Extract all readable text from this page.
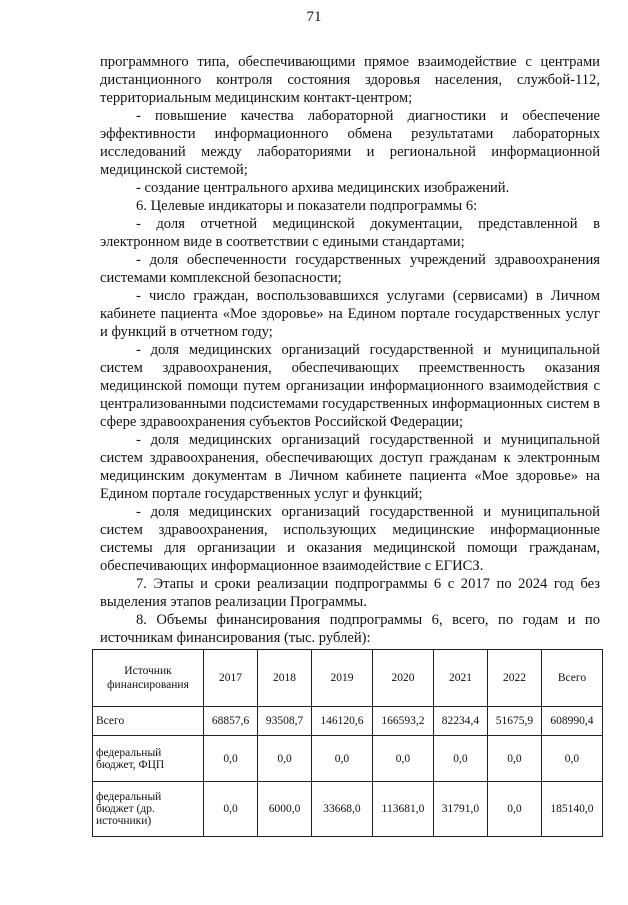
71

программного типа, обеспечивающими прямое взаимодействие с центрами дистанционного контроля состояния здоровья населения, службой-112, территориальным медицинским контакт-центром;

- повышение качества лабораторной диагностики и обеспечение эффективности информационного обмена результатами лабораторных исследований между лабораториями и региональной информационной медицинской системой;

- создание центрального архива медицинских изображений.

6. Целевые индикаторы и показатели подпрограммы 6:

- доля отчетной медицинской документации, представленной в электронном виде в соответствии с едиными стандартами;

- доля обеспеченности государственных учреждений здравоохранения системами комплексной безопасности;

- число граждан, воспользовавшихся услугами (сервисами) в Личном кабинете пациента «Мое здоровье» на Едином портале государственных услуг и функций в отчетном году;

- доля медицинских организаций государственной и муниципальной систем здравоохранения, обеспечивающих преемственность оказания медицинской помощи путем организации информационного взаимодействия с централизованными подсистемами государственных информационных систем в сфере здравоохранения субъектов Российской Федерации;

- доля медицинских организаций государственной и муниципальной систем здравоохранения, обеспечивающих доступ гражданам к электронным медицинским документам в Личном кабинете пациента «Мое здоровье» на Едином портале государственных услуг и функций;

- доля медицинских организаций государственной и муниципальной систем здравоохранения, использующих медицинские информационные системы для организации и оказания медицинской помощи гражданам, обеспечивающих информационное взаимодействие с ЕГИСЗ.

7. Этапы и сроки реализации подпрограммы 6 с 2017 по 2024 год без выделения этапов реализации Программы.

8. Объемы финансирования подпрограммы 6, всего, по годам и по источникам финансирования (тыс. рублей):

Источник финансирования	2017	2018	2019	2020	2021	2022	Всего
Всего	68857,6	93508,7	146120,6	166593,2	82234,4	51675,9	608990,4
федеральный бюджет, ФЦП	0,0	0,0	0,0	0,0	0,0	0,0	0,0
федеральный бюджет (др. источники)	0,0	6000,0	33668,0	113681,0	31791,0	0,0	185140,0
